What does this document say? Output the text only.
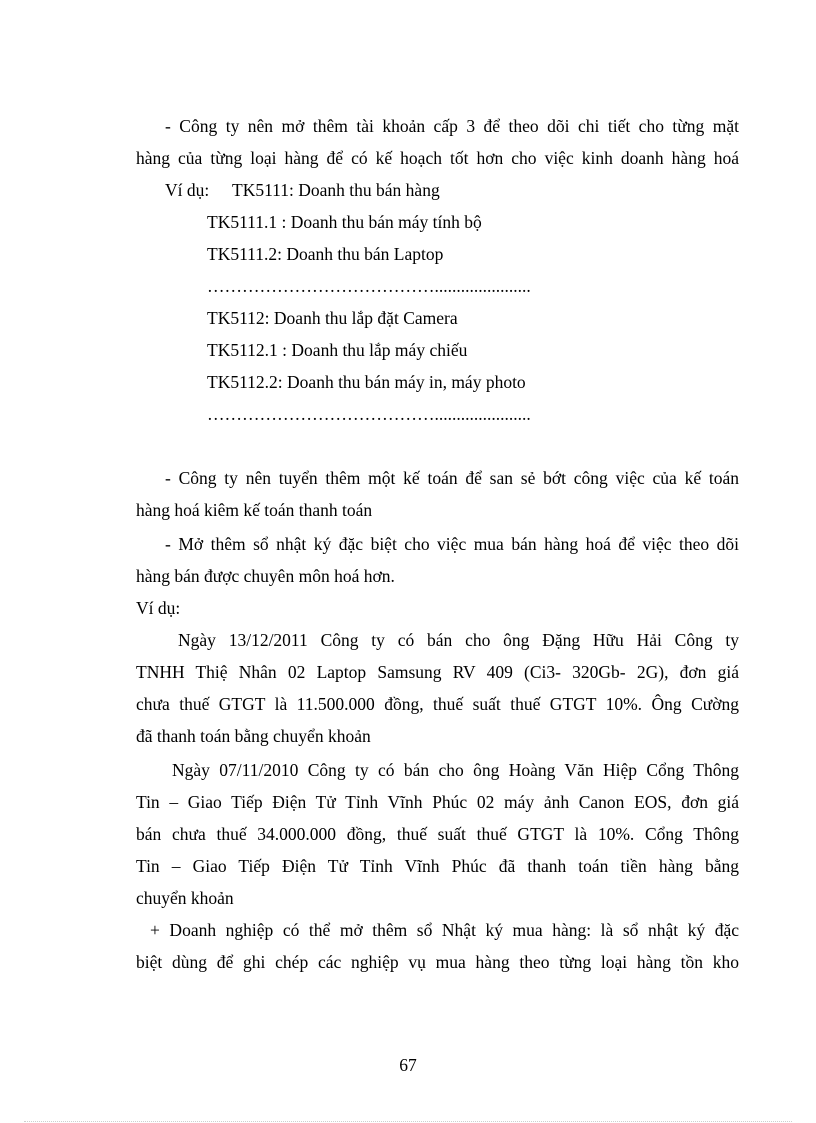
- Công ty nên mở thêm tài khoản cấp 3 để theo dõi chi tiết cho từng mặt
hàng của từng loại hàng để có kế hoạch tốt hơn cho việc kinh doanh hàng hoá
Ví dụ: TK5111: Doanh thu bán hàng
TK5111.1 : Doanh thu bán máy tính bộ
TK5111.2: Doanh thu bán Laptop
…………………………………......................
TK5112: Doanh thu lắp đặt Camera
TK5112.1 : Doanh thu lắp máy chiếu
TK5112.2: Doanh thu bán máy in, máy photo
…………………………………......................
- Công ty nên tuyển thêm một kế toán để san sẻ bớt công việc của kế toán
hàng hoá kiêm kế toán thanh toán
- Mở thêm sổ nhật ký đặc biệt cho việc mua bán hàng hoá để việc theo dõi
hàng bán được chuyên môn hoá hơn.
Ví dụ:
Ngày 13/12/2011 Công ty có bán cho ông Đặng Hữu Hải Công ty
TNHH Thiệ Nhân 02 Laptop Samsung RV 409 (Ci3- 320Gb- 2G), đơn giá
chưa thuế GTGT là 11.500.000 đồng, thuế suất thuế GTGT 10%. Ông Cường
đã thanh toán bằng chuyển khoản
Ngày 07/11/2010 Công ty có bán cho ông Hoàng Văn Hiệp Cổng Thông
Tin – Giao Tiếp Điện Tử Tỉnh Vĩnh Phúc 02 máy ảnh Canon EOS, đơn giá
bán chưa thuế 34.000.000 đồng, thuế suất thuế GTGT là 10%. Cổng Thông
Tin – Giao Tiếp Điện Tử Tỉnh Vĩnh Phúc đã thanh toán tiền hàng bằng
chuyển khoản
+ Doanh nghiệp có thể mở thêm sổ Nhật ký mua hàng: là sổ nhật ký đặc
biệt dùng để ghi chép các nghiệp vụ mua hàng theo từng loại hàng tồn kho
67
